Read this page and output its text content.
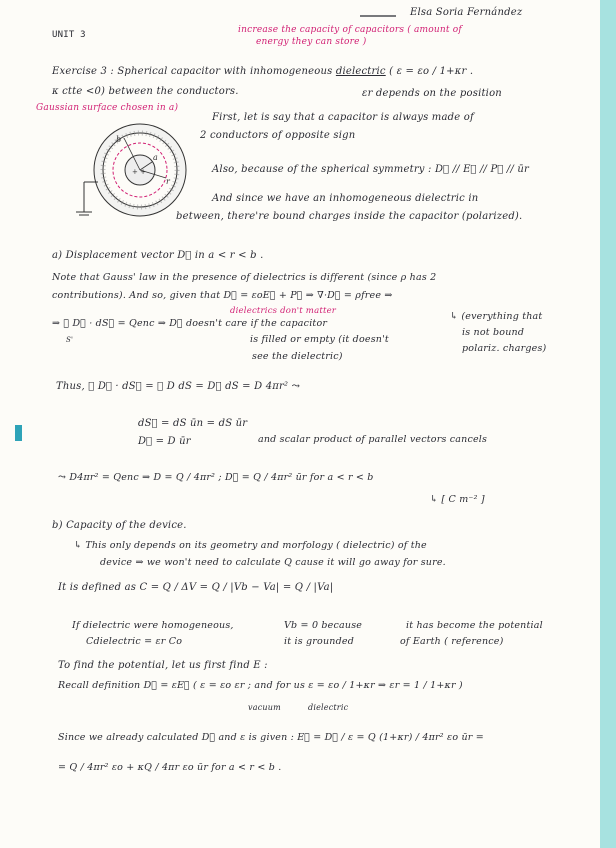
UNIT 3
Elsa Soria Fernández
increase the capacity of capacitors ( amount of
energy they can store )
Exercise 3 : Spherical capacitor with inhomogeneous dielectric ( ε = εo / 1+κr .
κ ctte <0) between the conductors.	εr depends on the position
Gaussian surface chosen in a)
b
a
r
+ +
First, let is say that a capacitor is always made of
2 conductors of opposite sign
Also, because of the spherical symmetry : D⃗ // E⃗ // P⃗ // ūr
And since we have an inhomogeneous dielectric in
between, there're bound charges inside the capacitor (polarized).
a) Displacement vector D⃗ in a < r < b .
Note that Gauss' law in the presence of dielectrics is different (since ρ has 2
contributions). And so, given that D⃗ = εoE⃗ + P⃗ ⇒ ∇·D⃗ = ρfree ⇒
dielectrics don't matter
⇒ ∮ D⃗ · dS⃗ = Qenc ⇒ D⃗ doesn't care if the capacitor
S'
↳ (everything that
is filled or empty (it doesn't
is not bound
see the dielectric)
polariz. charges)
Thus, ∮ D⃗ · dS⃗ = ∮ D dS = D∮ dS = D 4πr² ⤳
dS⃗ = dS ūn = dS ūr
D⃗ = D ūr	and scalar product of parallel vectors cancels
⤳ D4πr² = Qenc ⇒ D = Q / 4πr² ; D⃗ = Q / 4πr² ūr for a < r < b
↳ [ C m⁻² ]
b) Capacity of the device.
↳ This only depends on its geometry and morfology ( dielectric) of the
device ⇒ we won't need to calculate Q cause it will go away for sure.
It is defined as C = Q / ΔV = Q / |Vb − Va| = Q / |Va|
If dielectric were homogeneous,
Cdielectric = εr Co
Vb = 0 because
it is grounded
it has become the potential
of Earth ( reference)
To find the potential, let us first find E :
Recall definition D⃗ = εE⃗ ( ε = εo εr ; and for us ε = εo / 1+κr ⇒ εr = 1 / 1+κr )
vacuum	dielectric
Since we already calculated D⃗ and ε is given : E⃗ = D⃗ / ε = Q (1+κr) / 4πr² εo ūr =
= Q / 4πr² εo + κQ / 4πr εo ūr for a < r < b .
